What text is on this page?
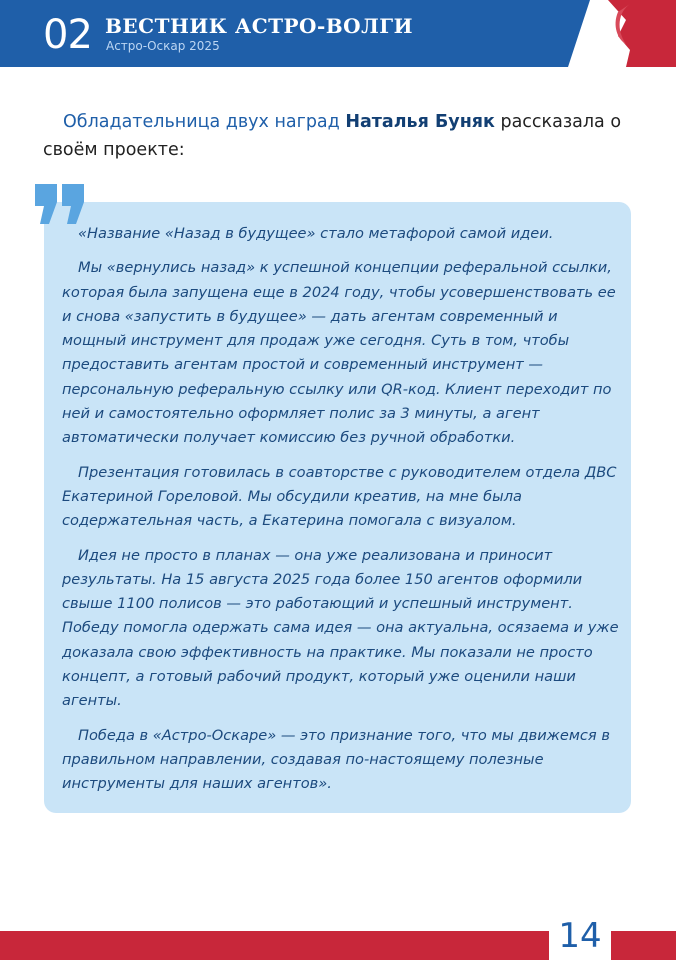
02 ВЕСТНИК АСТРО-ВОЛГИ
Астро-Оскар 2025
Обладательница двух наград Наталья Буняк рассказала о своём проекте:

«Название «Назад в будущее» стало метафорой самой идеи.

Мы «вернулись назад» к успешной концепции реферальной ссылки, которая была запущена еще в 2024 году, чтобы усовершенствовать ее и снова «запустить в будущее» — дать агентам современный и мощный инструмент для продаж уже сегодня. Суть в том, чтобы предоставить агентам простой и современный инструмент — персональную реферальную ссылку или QR-код. Клиент переходит по ней и самостоятельно оформляет полис за 3 минуты, а агент автоматически получает комиссию без ручной обработки.

Презентация готовилась в соавторстве с руководителем отдела ДВС Екатериной Гореловой. Мы обсудили креатив, на мне была содержательная часть, а Екатерина помогала с визуалом.

Идея не просто в планах — она уже реализована и приносит результаты. На 15 августа 2025 года более 150 агентов оформили свыше 1100 полисов — это работающий и успешный инструмент. Победу помогла одержать сама идея — она актуальна, осязаема и уже доказала свою эффективность на практике. Мы показали не просто концепт, а готовый рабочий продукт, который уже оценили наши агенты.

Победа в «Астро-Оскаре» — это признание того, что мы движемся в правильном направлении, создавая по-настоящему полезные инструменты для наших агентов».

14
